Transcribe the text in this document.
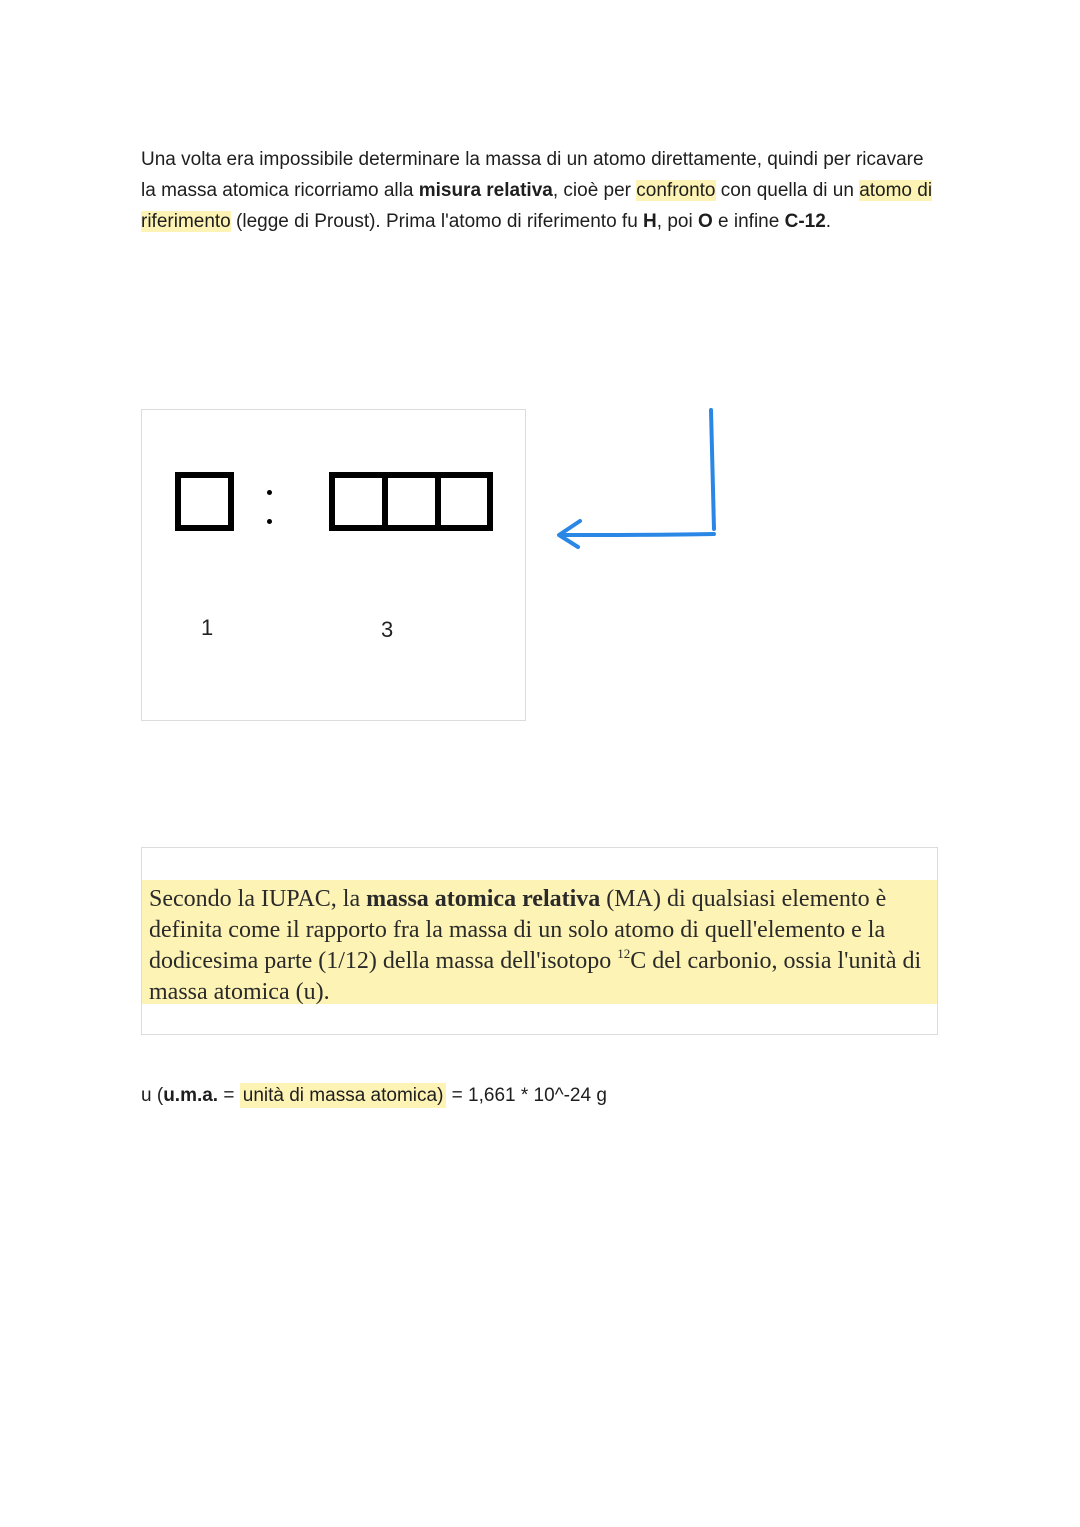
Una volta era impossibile determinare la massa di un atomo direttamente, quindi per ricavare la massa atomica ricorriamo alla misura relativa, cioè per confronto con quella di un atomo di riferimento (legge di Proust). Prima l'atomo di riferimento fu H, poi O e infine C-12.

1	3
Secondo la IUPAC, la massa atomica relativa (MA) di qualsiasi elemento è definita come il rapporto fra la massa di un solo atomo di quell'elemento e la dodicesima parte (1/12) della massa dell'isotopo $^{12}$C del carbonio, ossia l'unità di massa atomica (u).
u (u.m.a. = unità di massa atomica) = 1,661 * 10^-24 g
